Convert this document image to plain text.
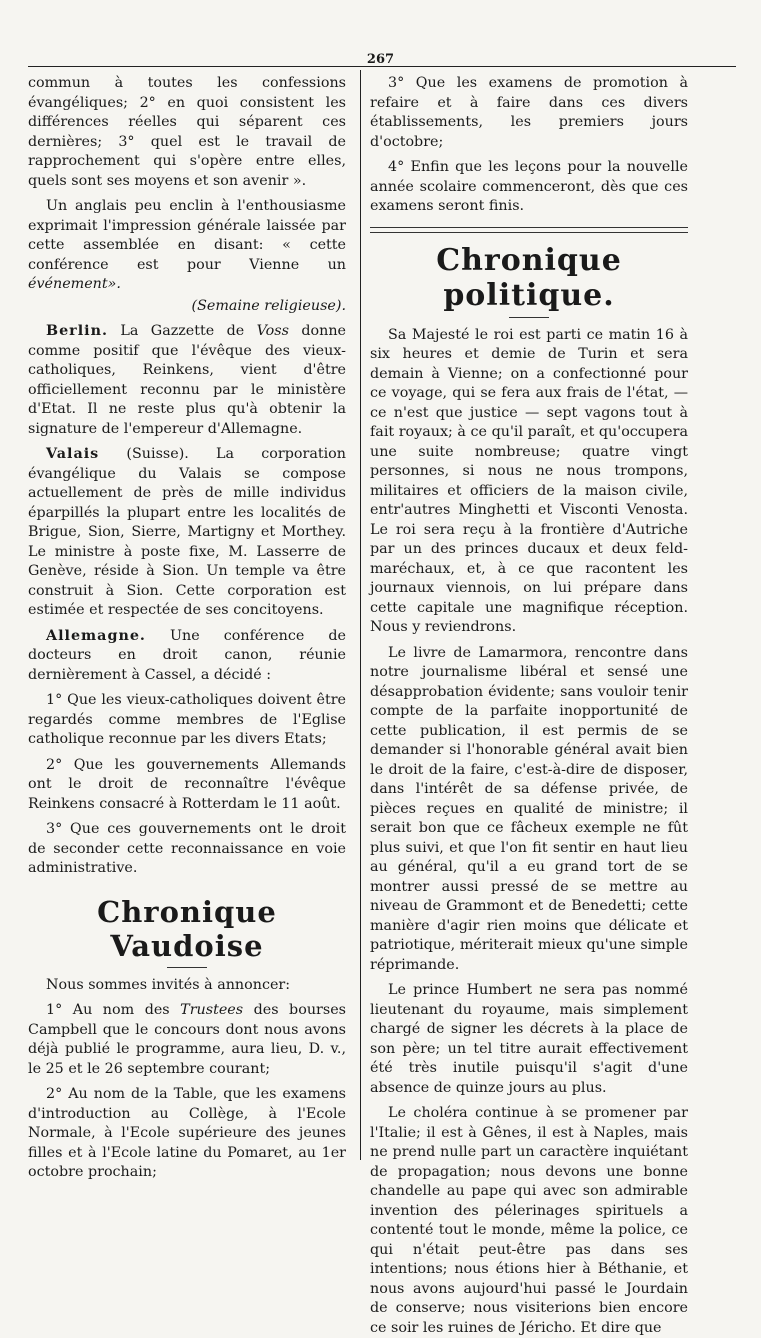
267

commun à toutes les confessions évangéliques; 2° en quoi consistent les différences réelles qui séparent ces dernières; 3° quel est le travail de rapprochement qui s'opère entre elles, quels sont ses moyens et son avenir ».

Un anglais peu enclin à l'enthousiasme exprimait l'impression générale laissée par cette assemblée en disant: « cette conférence est pour Vienne un événement».

(Semaine religieuse).

Berlin. La Gazzette de Voss donne comme positif que l'évêque des vieux-catholiques, Reinkens, vient d'être officiellement reconnu par le ministère d'Etat. Il ne reste plus qu'à obtenir la signature de l'empereur d'Allemagne.

Valais (Suisse). La corporation évangélique du Valais se compose actuellement de près de mille individus éparpillés la plupart entre les localités de Brigue, Sion, Sierre, Martigny et Morthey. Le ministre à poste fixe, M. Lasserre de Genève, réside à Sion. Un temple va être construit à Sion. Cette corporation est estimée et respectée de ses concitoyens.

Allemagne. Une conférence de docteurs en droit canon, réunie dernièrement à Cassel, a décidé :

1° Que les vieux-catholiques doivent être regardés comme membres de l'Eglise catholique reconnue par les divers Etats;

2° Que les gouvernements Allemands ont le droit de reconnaître l'évêque Reinkens consacré à Rotterdam le 11 août.

3° Que ces gouvernements ont le droit de seconder cette reconnaissance en voie administrative.

Chronique Vaudoise

Nous sommes invités à annoncer:

1° Au nom des Trustees des bourses Campbell que le concours dont nous avons déjà publié le programme, aura lieu, D. v., le 25 et le 26 septembre courant;

2° Au nom de la Table, que les examens d'introduction au Collège, à l'Ecole Normale, à l'Ecole supérieure des jeunes filles et à l'Ecole latine du Pomaret, au 1er octobre prochain;

3° Que les examens de promotion à refaire et à faire dans ces divers établissements, les premiers jours d'octobre;

4° Enfin que les leçons pour la nouvelle année scolaire commenceront, dès que ces examens seront finis.

Chronique politique.

Sa Majesté le roi est parti ce matin 16 à six heures et demie de Turin et sera demain à Vienne; on a confectionné pour ce voyage, qui se fera aux frais de l'état, — ce n'est que justice — sept vagons tout à fait royaux; à ce qu'il paraît, et qu'occupera une suite nombreuse; quatre vingt personnes, si nous ne nous trompons, militaires et officiers de la maison civile, entr'autres Minghetti et Visconti Venosta. Le roi sera reçu à la frontière d'Autriche par un des princes ducaux et deux feld-maréchaux, et, à ce que racontent les journaux viennois, on lui prépare dans cette capitale une magnifique réception. Nous y reviendrons.

Le livre de Lamarmora, rencontre dans notre journalisme libéral et sensé une désapprobation évidente; sans vouloir tenir compte de la parfaite inopportunité de cette publication, il est permis de se demander si l'honorable général avait bien le droit de la faire, c'est-à-dire de disposer, dans l'intérêt de sa défense privée, de pièces reçues en qualité de ministre; il serait bon que ce fâcheux exemple ne fût plus suivi, et que l'on fit sentir en haut lieu au général, qu'il a eu grand tort de se montrer aussi pressé de se mettre au niveau de Grammont et de Benedetti; cette manière d'agir rien moins que délicate et patriotique, mériterait mieux qu'une simple réprimande.

Le prince Humbert ne sera pas nommé lieutenant du royaume, mais simplement chargé de signer les décrets à la place de son père; un tel titre aurait effectivement été très inutile puisqu'il s'agit d'une absence de quinze jours au plus.

Le choléra continue à se promener par l'Italie; il est à Gênes, il est à Naples, mais ne prend nulle part un caractère inquiétant de propagation; nous devons une bonne chandelle au pape qui avec son admirable invention des pélerinages spirituels a contenté tout le monde, même la police, ce qui n'était peut-être pas dans ses intentions; nous étions hier à Béthanie, et nous avons aujourd'hui passé le Jourdain de conserve; nous visiterions bien encore ce soir les ruines de Jéricho. Et dire que
